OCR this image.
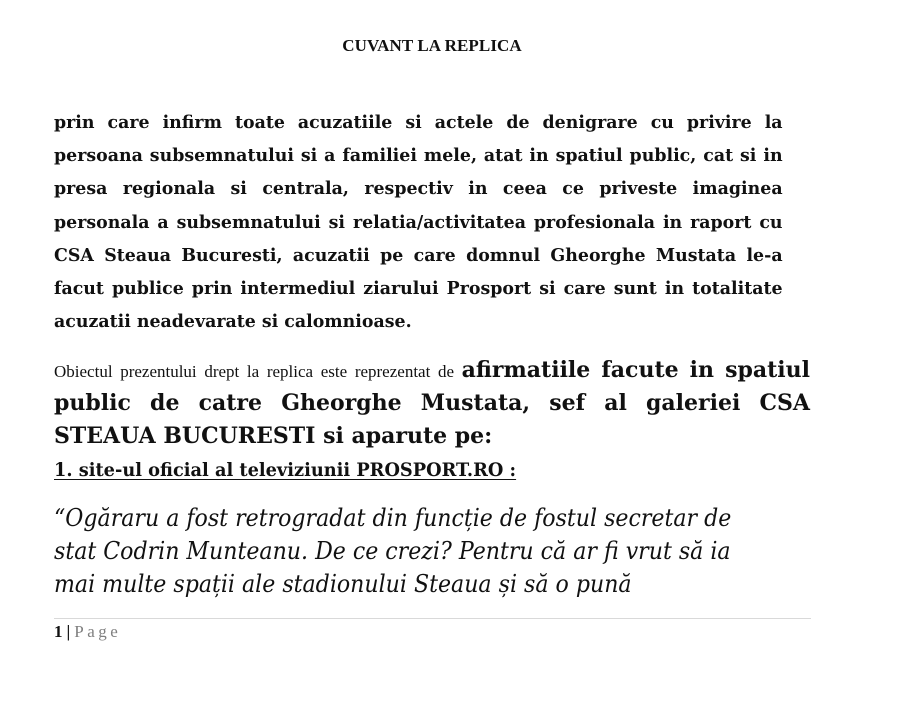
CUVANT LA REPLICA
prin care infirm toate acuzatiile si actele de denigrare cu privire la persoana subsemnatului si a familiei mele, atat in spatiul public, cat si in presa regionala si centrala, respectiv in ceea ce priveste imaginea personala a subsemnatului si relatia/activitatea profesionala in raport cu CSA Steaua Bucuresti, acuzatii pe care domnul Gheorghe Mustata le-a facut publice prin intermediul ziarului Prosport si care sunt in totalitate acuzatii neadevarate si calomnioase.
Obiectul prezentului drept la replica este reprezentat de afirmatiile facute in spatiul public de catre Gheorghe Mustata, sef al galeriei CSA STEAUA BUCURESTI si aparute pe:
1. site-ul oficial al televiziunii PROSPORT.RO :
“Ogăraru a fost retrogradat din funcție de fostul secretar de stat Codrin Munteanu. De ce crezi? Pentru că ar fi vrut să ia mai multe spații ale stadionului Steaua și să o pună
1 | Page
